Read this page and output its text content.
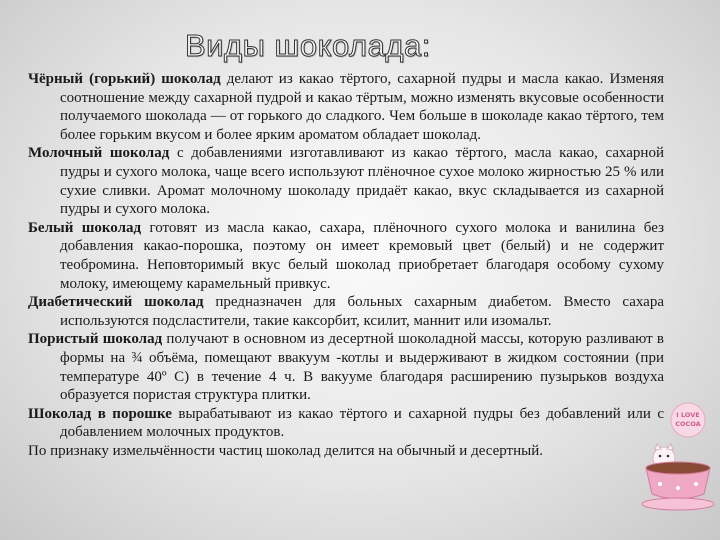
Виды шоколада:

Чёрный (горький) шоколад делают из какао тёртого, сахарной пудры и масла какао. Изменяя соотношение между сахарной пудрой и какао тёртым, можно изменять вкусовые особенности получаемого шоколада — от горького до сладкого. Чем больше в шоколаде какао тёртого, тем более горьким вкусом и более ярким ароматом обладает шоколад.

Молочный шоколад с добавлениями изготавливают из какао тёртого, масла какао, сахарной пудры и сухого молока, чаще всего используют плёночное сухое молоко жирностью 25 % или сухие сливки. Аромат молочному шоколаду придаёт какао, вкус складывается из сахарной пудры и сухого молока.

Белый шоколад готовят из масла какао, сахара, плёночного сухого молока и ванилина без добавления какао-порошка, поэтому он имеет кремовый цвет (белый) и не содержит теобромина. Неповторимый вкус белый шоколад приобретает благодаря особому сухому молоку, имеющему карамельный привкус.

Диабетический шоколад предназначен для больных сахарным диабетом. Вместо сахара используются подсластители, такие каксорбит, ксилит, маннит или изомальт.

Пористый шоколад получают в основном из десертной шоколадной массы, которую разливают в формы на ¾ объёма, помещают ввакуум -котлы и выдерживают в жидком состоянии (при температуре 40º С) в течение 4 ч. В вакууме благодаря расширению пузырьков воздуха образуется пористая структура плитки.

Шоколад в порошке вырабатывают из какао тёртого и сахарной пудры без добавлений или с добавлением молочных продуктов.

По признаку измельчённости частиц шоколад делится на обычный и десертный.

I LOVE
COCOA
